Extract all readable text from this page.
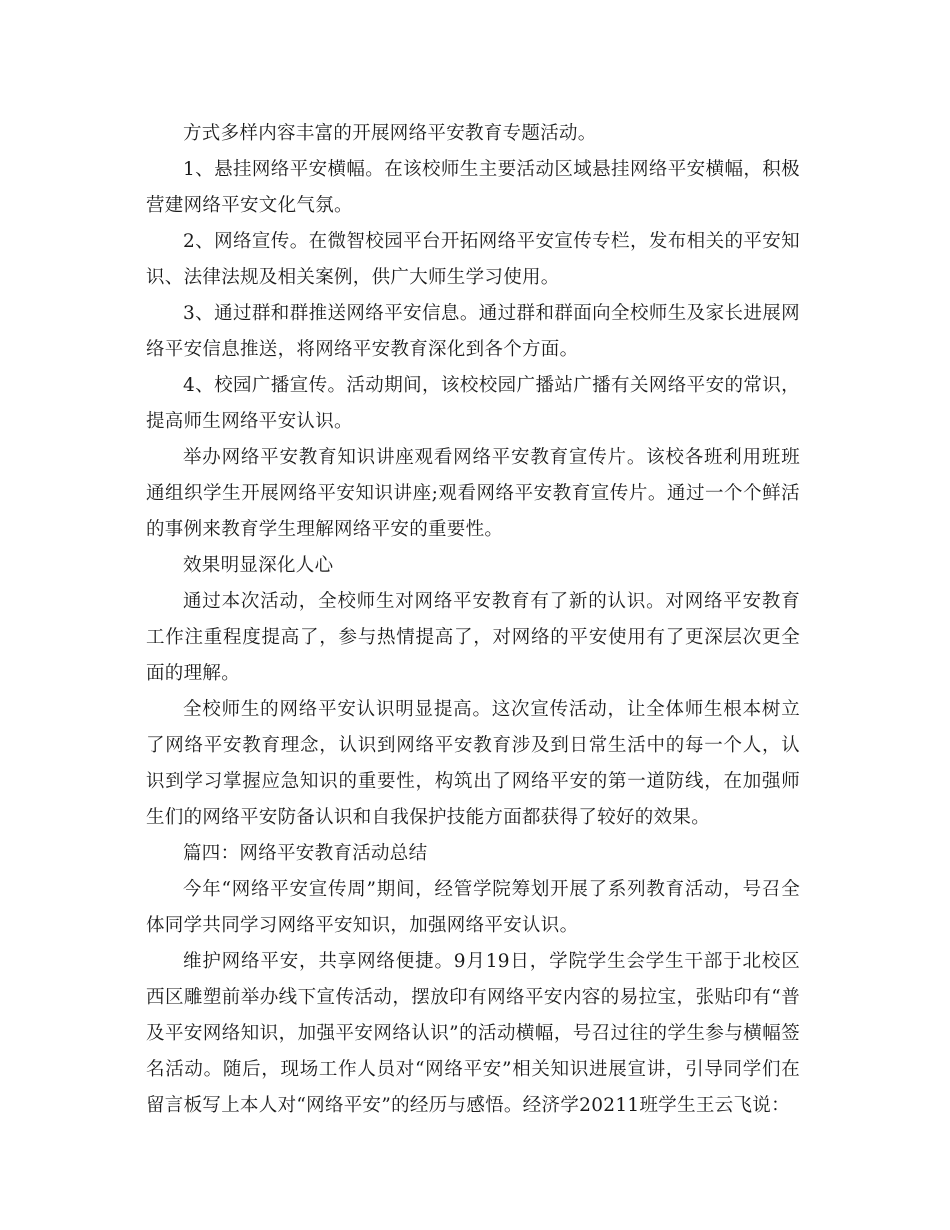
方式多样内容丰富的开展网络平安教育专题活动。

1、悬挂网络平安横幅。在该校师生主要活动区域悬挂网络平安横幅，积极营建网络平安文化气氛。

2、网络宣传。在微智校园平台开拓网络平安宣传专栏，发布相关的平安知识、法律法规及相关案例，供广大师生学习使用。

3、通过群和群推送网络平安信息。通过群和群面向全校师生及家长进展网络平安信息推送，将网络平安教育深化到各个方面。

4、校园广播宣传。活动期间，该校校园广播站广播有关网络平安的常识，提高师生网络平安认识。

举办网络平安教育知识讲座观看网络平安教育宣传片。该校各班利用班班通组织学生开展网络平安知识讲座;观看网络平安教育宣传片。通过一个个鲜活的事例来教育学生理解网络平安的重要性。

效果明显深化人心

通过本次活动，全校师生对网络平安教育有了新的认识。对网络平安教育工作注重程度提高了，参与热情提高了，对网络的平安使用有了更深层次更全面的理解。

全校师生的网络平安认识明显提高。这次宣传活动，让全体师生根本树立了网络平安教育理念，认识到网络平安教育涉及到日常生活中的每一个人，认识到学习掌握应急知识的重要性，构筑出了网络平安的第一道防线，在加强师生们的网络平安防备认识和自我保护技能方面都获得了较好的效果。

篇四：网络平安教育活动总结

今年“网络平安宣传周”期间，经管学院筹划开展了系列教育活动，号召全体同学共同学习网络平安知识，加强网络平安认识。

维护网络平安，共享网络便捷。9月19日，学院学生会学生干部于北校区西区雕塑前举办线下宣传活动，摆放印有网络平安内容的易拉宝，张贴印有“普及平安网络知识，加强平安网络认识”的活动横幅，号召过往的学生参与横幅签名活动。随后，现场工作人员对“网络平安”相关知识进展宣讲，引导同学们在留言板写上本人对“网络平安”的经历与感悟。经济学20211班学生王云飞说：
